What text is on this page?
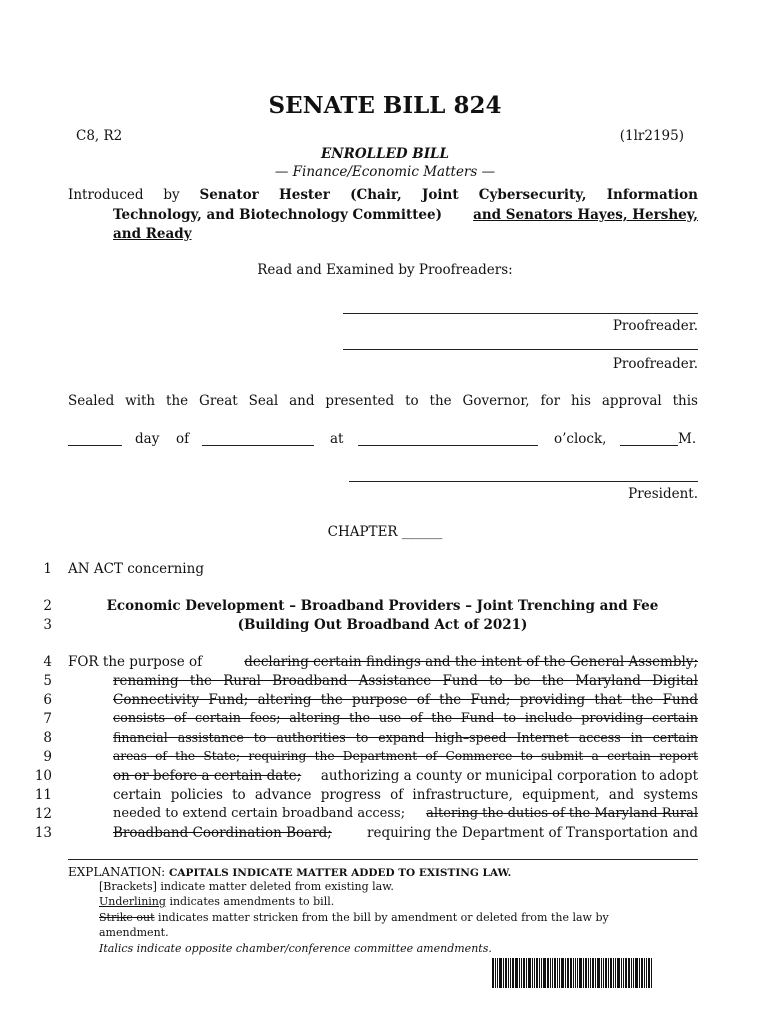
SENATE BILL 824
C8, R2	(1lr2195)
ENROLLED BILL
— Finance/Economic Matters —
Introduced by Senator Hester (Chair, Joint Cybersecurity, Information
Technology, and Biotechnology Committee) and Senators Hayes, Hershey,
and Ready
Read and Examined by Proofreaders:
Proofreader.
Proofreader.
Sealed with the Great Seal and presented to the Governor, for his approval this
day of	at	o’clock,	M.
President.
CHAPTER ______
1 AN ACT concerning
2	Economic Development – Broadband Providers – Joint Trenching and Fee
3	(Building Out Broadband Act of 2021)
4 FOR the purpose of	declaring certain findings and the intent of the General Assembly;
5	renaming the Rural Broadband Assistance Fund to be the Maryland Digital
6	Connectivity Fund; altering the purpose of the Fund; providing that the Fund
7	consists of certain fees; altering the use of the Fund to include providing certain
8	financial assistance to authorities to expand high–speed Internet access in certain
9	areas of the State; requiring the Department of Commerce to submit a certain report
10	on or before a certain date; authorizing a county or municipal corporation to adopt
11	certain policies to advance progress of infrastructure, equipment, and systems
12	needed to extend certain broadband access; altering the duties of the Maryland Rural
13	Broadband Coordination Board;	requiring the Department of Transportation and
EXPLANATION: CAPITALS INDICATE MATTER ADDED TO EXISTING LAW.
[Brackets] indicate matter deleted from existing law.
Underlining indicates amendments to bill.
Strike out indicates matter stricken from the bill by amendment or deleted from the law by
amendment.
Italics indicate opposite chamber/conference committee amendments.
